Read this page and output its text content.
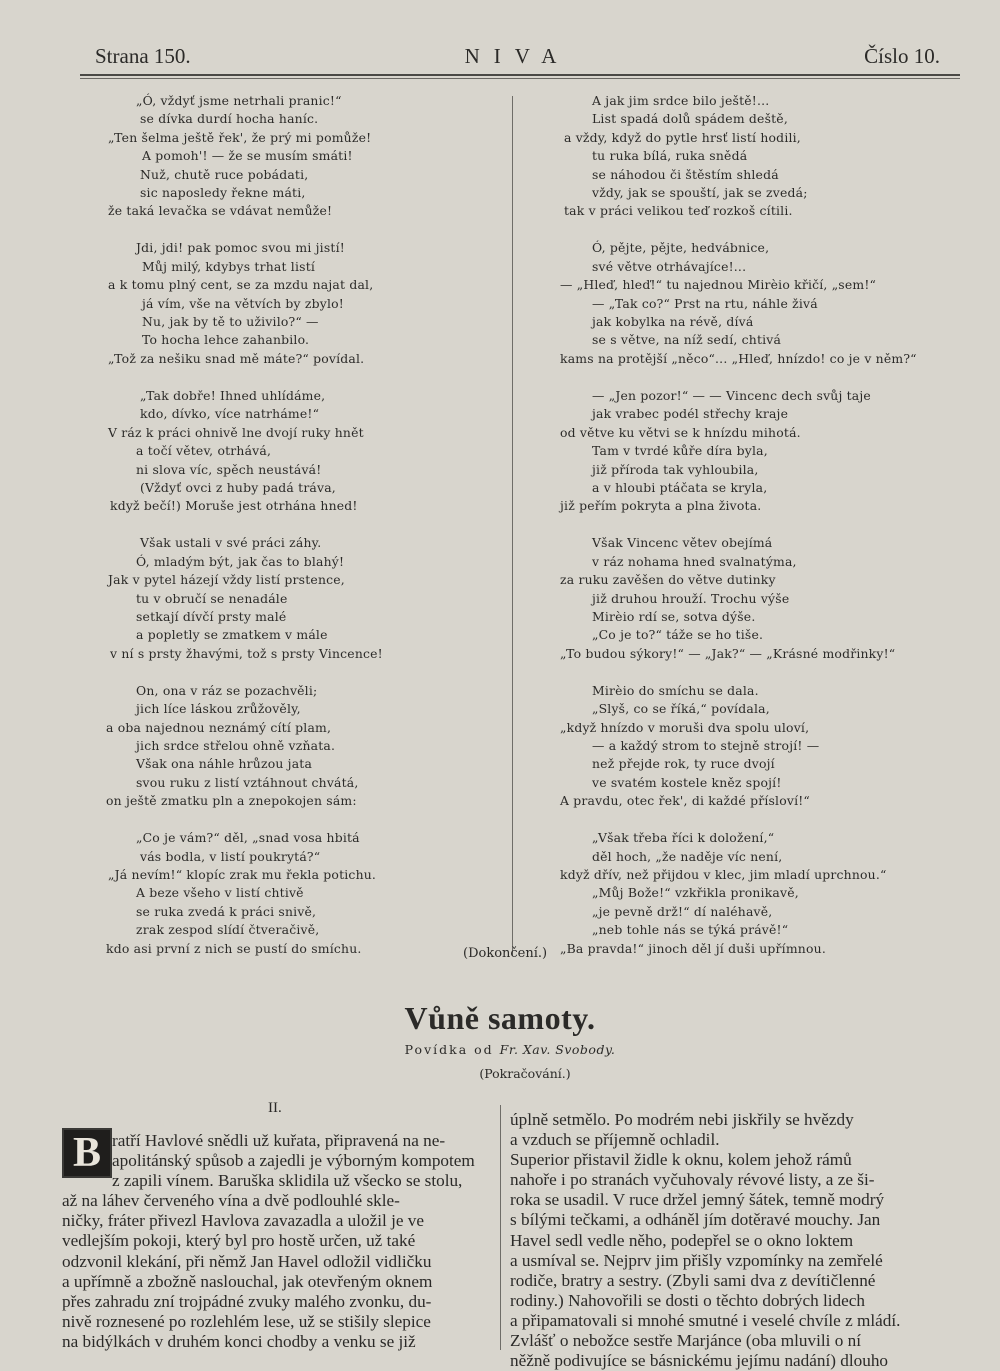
Strana 150.	NIVA	Číslo 10.
„Ó, vždyť jsme netrhali pranic!“
se dívka durdí hocha haníc.
„Ten šelma ještě řek', že prý mi pomůže!
A pomoh'! — že se musím smáti!
Nuž, chutě ruce pobádati,
sic naposledy řekne máti,
že taká levačka se vdávat nemůže!
Jdi, jdi! pak pomoc svou mi jistí!
Můj milý, kdybys trhat listí
a k tomu plný cent, se za mzdu najat dal,
já vím, vše na větvích by zbylo!
Nu, jak by tě to uživilo?“ —
To hocha lehce zahanbilo.
„Tož za nešiku snad mě máte?“ povídal.
„Tak dobře! Ihned uhlídáme,
kdo, dívko, více natrháme!“
V ráz k práci ohnivě lne dvojí ruky hnět
a točí větev, otrhává,
ni slova víc, spěch neustává!
(Vždyť ovci z huby padá tráva,
když bečí!) Moruše jest otrhána hned!
Však ustali v své práci záhy.
Ó, mladým být, jak čas to blahý!
Jak v pytel házejí vždy listí prstence,
tu v obručí se nenadále
setkají dívčí prsty malé
a popletly se zmatkem v mále
v ní s prsty žhavými, tož s prsty Vincence!
On, ona v ráz se pozachvěli;
jich líce láskou zrůžověly,
a oba najednou neznámý cítí plam,
jich srdce střelou ohně vzňata.
Však ona náhle hrůzou jata
svou ruku z listí vztáhnout chvátá,
on ještě zmatku pln a znepokojen sám:
„Co je vám?“ děl, „snad vosa hbitá
vás bodla, v listí poukrytá?“
„Já nevím!“ klopíc zrak mu řekla potichu.
A beze všeho v listí chtivě
se ruka zvedá k práci snivě,
zrak zespod slídí čtveračivě,
kdo asi první z nich se pustí do smíchu.
A jak jim srdce bilo ještě!...
List spadá dolů spádem deště,
a vždy, když do pytle hrsť listí hodili,
tu ruka bílá, ruka snědá
se náhodou či štěstím shledá
vždy, jak se spouští, jak se zvedá;
tak v práci velikou teď rozkoš cítili.
Ó, pějte, pějte, hedvábnice,
své větve otrhávajíce!...
— „Hleď, hleď!“ tu najednou Mirèio křičí, „sem!“
— „Tak co?“ Prst na rtu, náhle živá
jak kobylka na révě, dívá
se s větve, na níž sedí, chtivá
kams na protější „něco“... „Hleď, hnízdo! co je v něm?“
— „Jen pozor!“ — — Vincenc dech svůj taje
jak vrabec podél střechy kraje
od větve ku větvi se k hnízdu mihotá.
Tam v tvrdé kůře díra byla,
již příroda tak vyhloubila,
a v hloubi ptáčata se kryla,
již peřím pokryta a plna života.
Však Vincenc větev obejímá
v ráz nohama hned svalnatýma,
za ruku zavěšen do větve dutinky
již druhou hrouží. Trochu výše
Mirèio rdí se, sotva dýše.
„Co je to?“ táže se ho tiše.
„To budou sýkory!“ — „Jak?“ — „Krásné modřinky!“
Mirèio do smíchu se dala.
„Slyš, co se říká,“ povídala,
„když hnízdo v moruši dva spolu uloví,
— a každý strom to stejně strojí! —
než přejde rok, ty ruce dvojí
ve svatém kostele kněz spojí!
A pravdu, otec řek', di každé přísloví!“
„Však třeba říci k doložení,“
děl hoch, „že naděje víc není,
když dřív, než přijdou v klec, jim mladí uprchnou.“
„Můj Bože!“ vzkřikla pronikavě,
„je pevně drž!“ dí naléhavě,
„neb tohle nás se týká právě!“
„Ba pravda!“ jinoch děl jí duši upřímnou.
(Dokončení.)
Vůně samoty.
Povídka od Fr. Xav. Svobody.
(Pokračování.)
II.
B ratří Havlové snědli už kuřata, připravená na ne-
apolitánský spůsob a zajedli je výborným kompotem
z zapili vínem. Baruška sklidila už všecko se stolu,
až na láhev červeného vína a dvě podlouhlé skle-
ničky, fráter přivezl Havlova zavazadla a uložil je ve
vedlejším pokoji, který byl pro hostě určen, už také
odzvonil klekání, při němž Jan Havel odložil vidličku
a upřímně a zbožně naslouchal, jak otevřeným oknem
přes zahradu zní trojpádné zvuky malého zvonku, du-
nivě roznesené po rozlehlém lese, už se stišily slepice
na bidýlkách v druhém konci chodby a venku se již
úplně setmělo. Po modrém nebi jiskřily se hvězdy
a vzduch se příjemně ochladil.
Superior přistavil židle k oknu, kolem jehož rámů
nahoře i po stranách vyčuhovaly révové listy, a ze ši-
roka se usadil. V ruce držel jemný šátek, temně modrý
s bílými tečkami, a odháněl jím dotěravé mouchy. Jan
Havel sedl vedle něho, podepřel se o okno loktem
a usmíval se. Nejprv jim přišly vzpomínky na zemřelé
rodiče, bratry a sestry. (Zbyli sami dva z devítičlenné
rodiny.) Nahovořili se dosti o těchto dobrých lidech
a připamatovali si mnohé smutné i veselé chvíle z mládí.
Zvlášť o nebožce sestře Marjánce (oba mluvili o ní
něžně podivujíce se básnickému jejímu nadání) dlouho
